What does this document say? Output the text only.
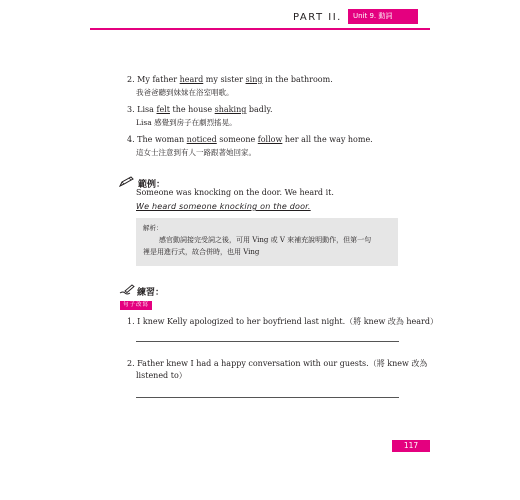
PART II.	Unit 9. 動詞
2. My father heard my sister sing in the bathroom.
我爸爸聽到妹妹在浴室唱歌。
3. Lisa felt the house shaking badly.
Lisa 感覺到房子在劇烈搖晃。
4. The woman noticed someone follow her all the way home.
這女士注意到有人一路跟著她回家。
範例：
Someone was knocking on the door. We heard it.
We heard someone knocking on the door.
解析：
感官動詞接完受詞之後，可用 Ving 或 V 來補充說明動作，但第一句
裡是用進行式，故合併時，也用 Ving
練習：
句子改寫
1. I knew Kelly apologized to her boyfriend last night.（將 knew 改為 heard）
2. Father knew I had a happy conversation with our guests.（將 knew 改為
listened to）
117
